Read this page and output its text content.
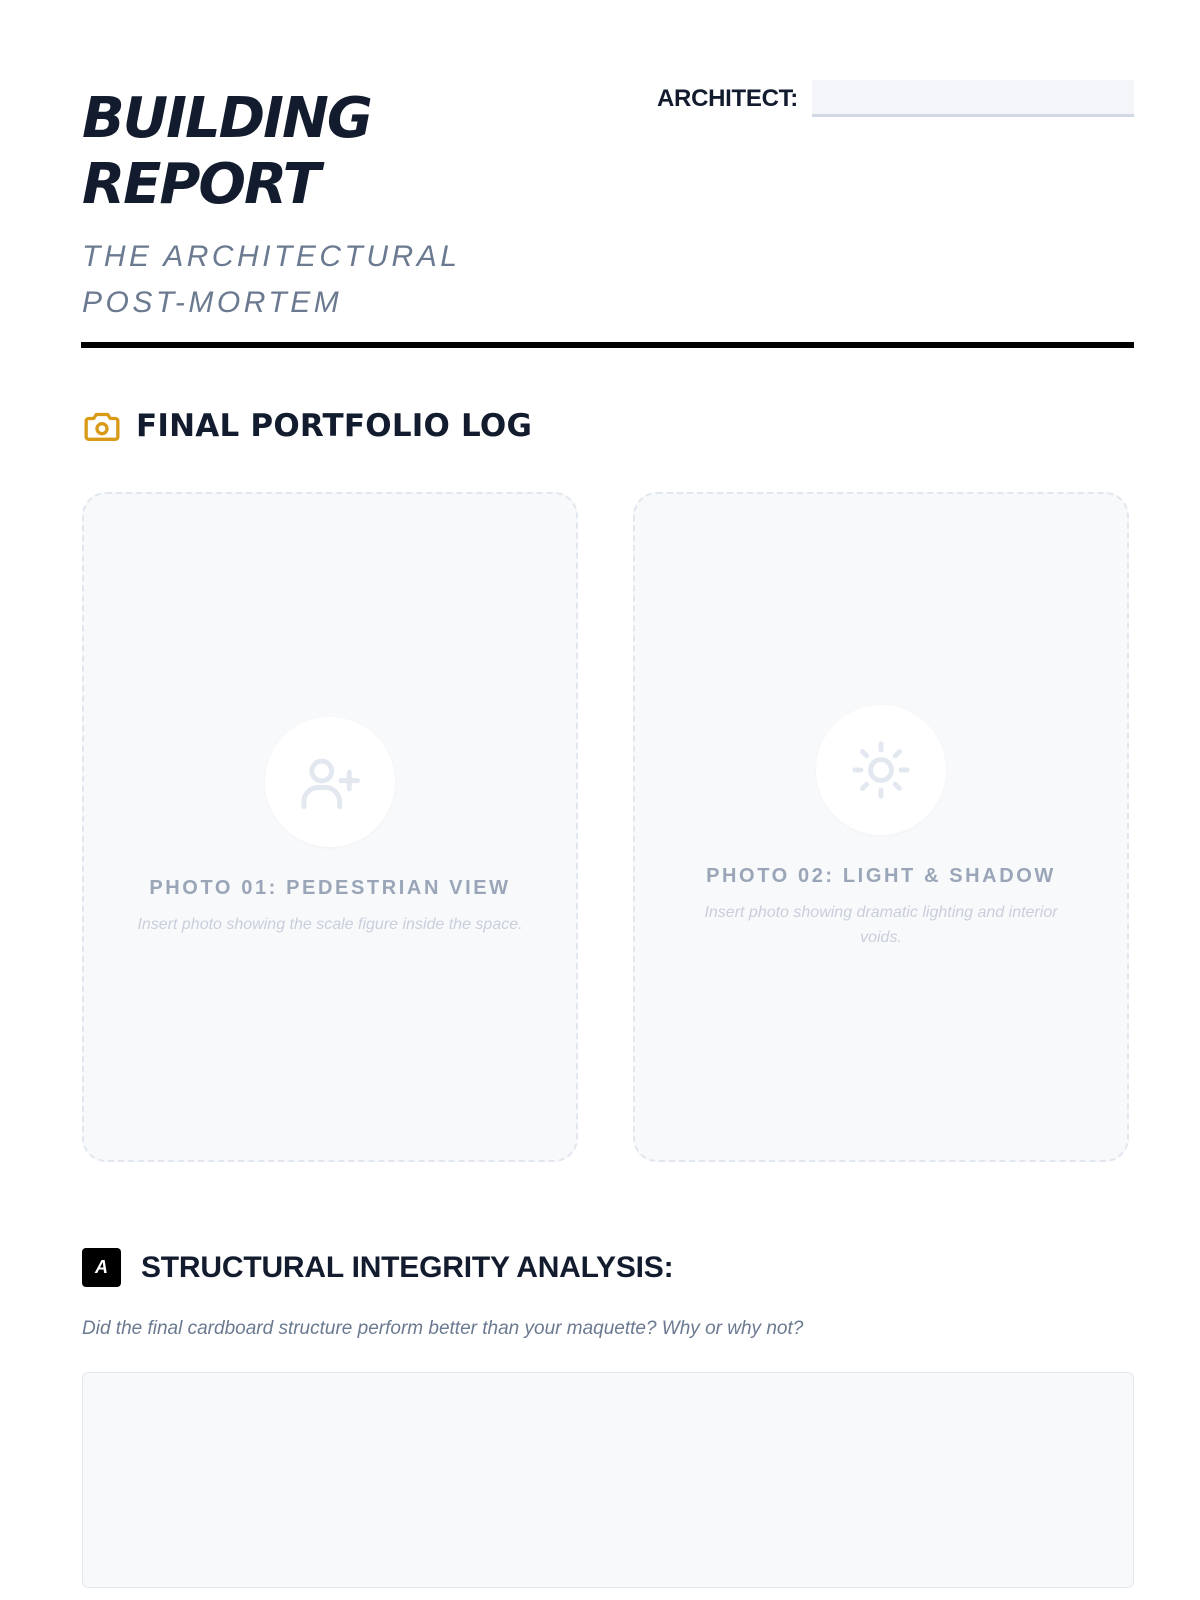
BUILDING
REPORT

THE ARCHITECTURAL POST-MORTEM

ARCHITECT:
FINAL PORTFOLIO LOG

PHOTO 01: PEDESTRIAN VIEW

Insert photo showing the scale figure inside the space.

PHOTO 02: LIGHT & SHADOW

Insert photo showing dramatic lighting and interior voids.

A	STRUCTURAL INTEGRITY ANALYSIS:

Did the final cardboard structure perform better than your maquette? Why or why not?
